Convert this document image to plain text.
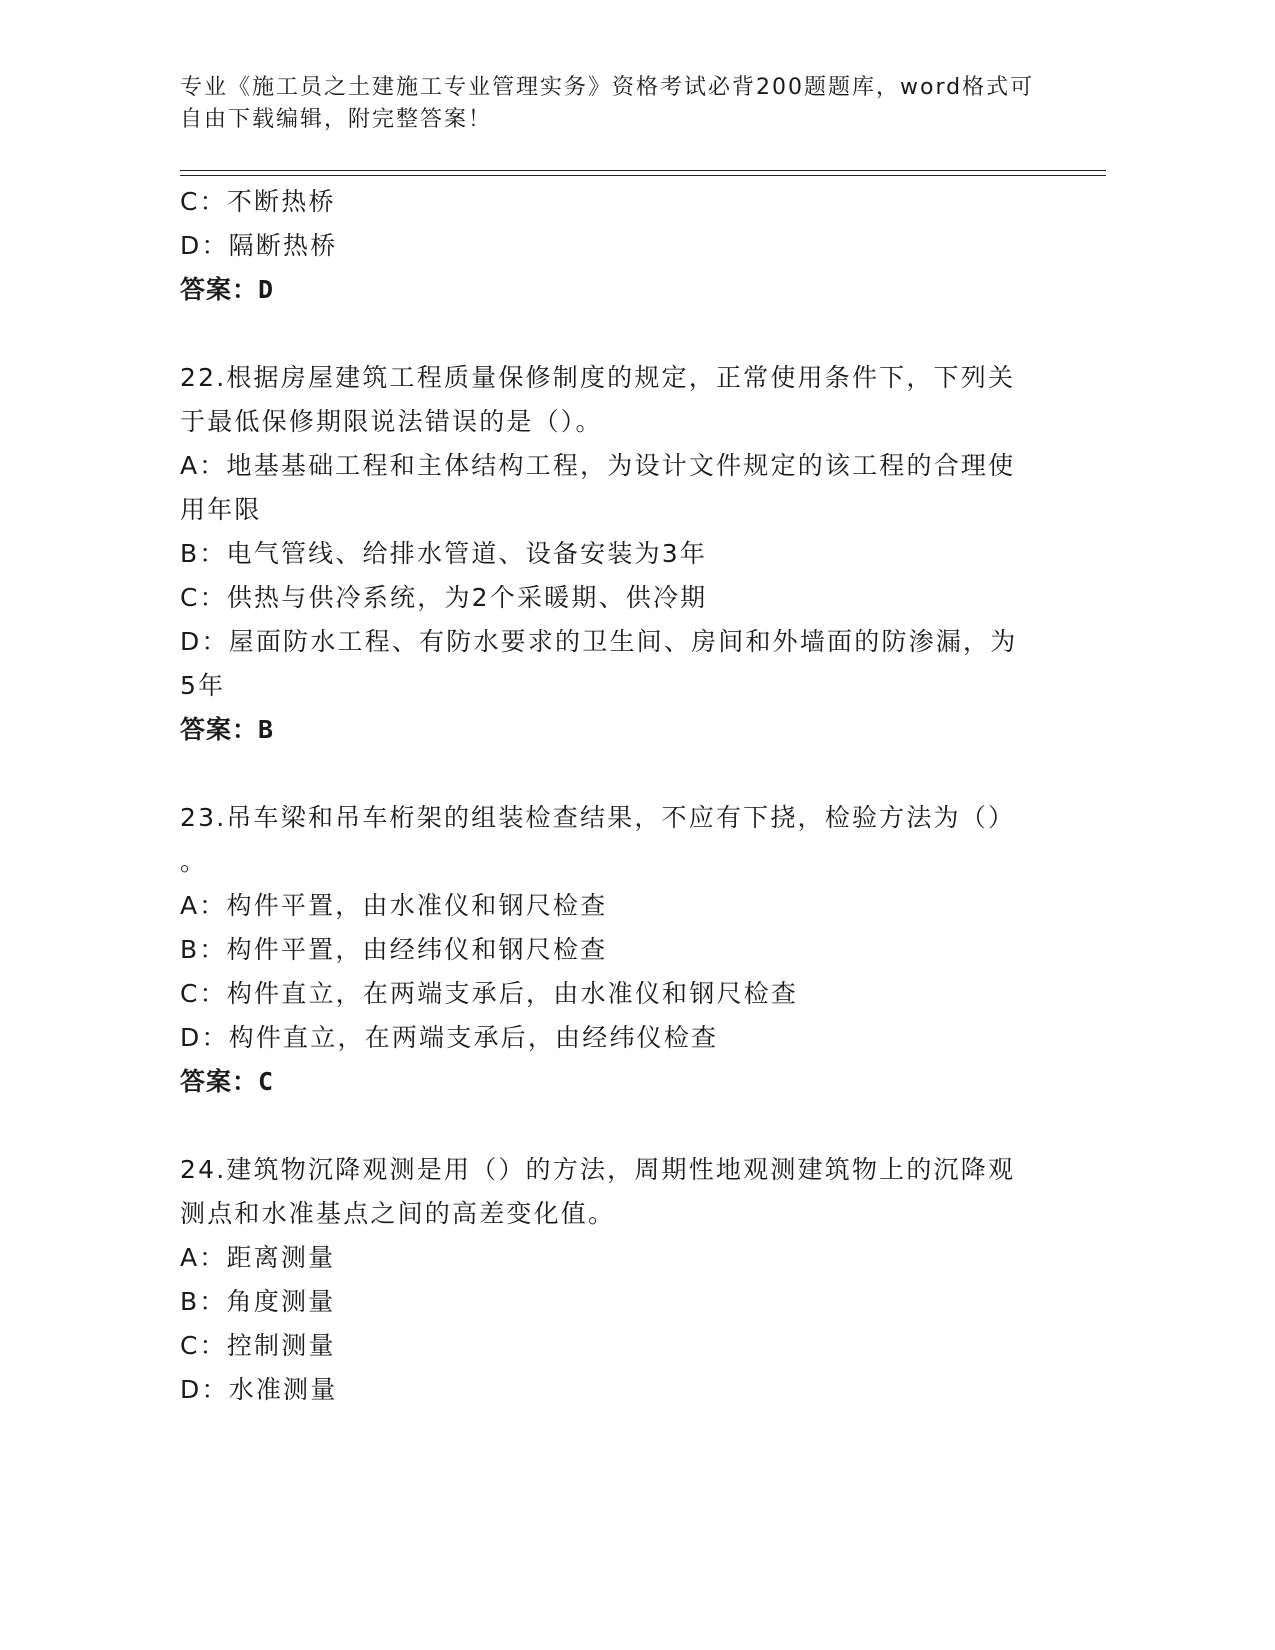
专业《施工员之土建施工专业管理实务》资格考试必背200题题库，word格式可
自由下载编辑，附完整答案！
C：不断热桥
D：隔断热桥
答案：D
22.根据房屋建筑工程质量保修制度的规定，正常使用条件下，下列关
于最低保修期限说法错误的是（）。
A：地基基础工程和主体结构工程，为设计文件规定的该工程的合理使
用年限
B：电气管线、给排水管道、设备安装为3年
C：供热与供冷系统，为2个采暖期、供冷期
D：屋面防水工程、有防水要求的卫生间、房间和外墙面的防渗漏，为
5年
答案：B
23.吊车梁和吊车桁架的组装检查结果，不应有下挠，检验方法为（）
。
A：构件平置，由水准仪和钢尺检查
B：构件平置，由经纬仪和钢尺检查
C：构件直立，在两端支承后，由水准仪和钢尺检查
D：构件直立，在两端支承后，由经纬仪检查
答案：C
24.建筑物沉降观测是用（）的方法，周期性地观测建筑物上的沉降观
测点和水准基点之间的高差变化值。
A：距离测量
B：角度测量
C：控制测量
D：水准测量
